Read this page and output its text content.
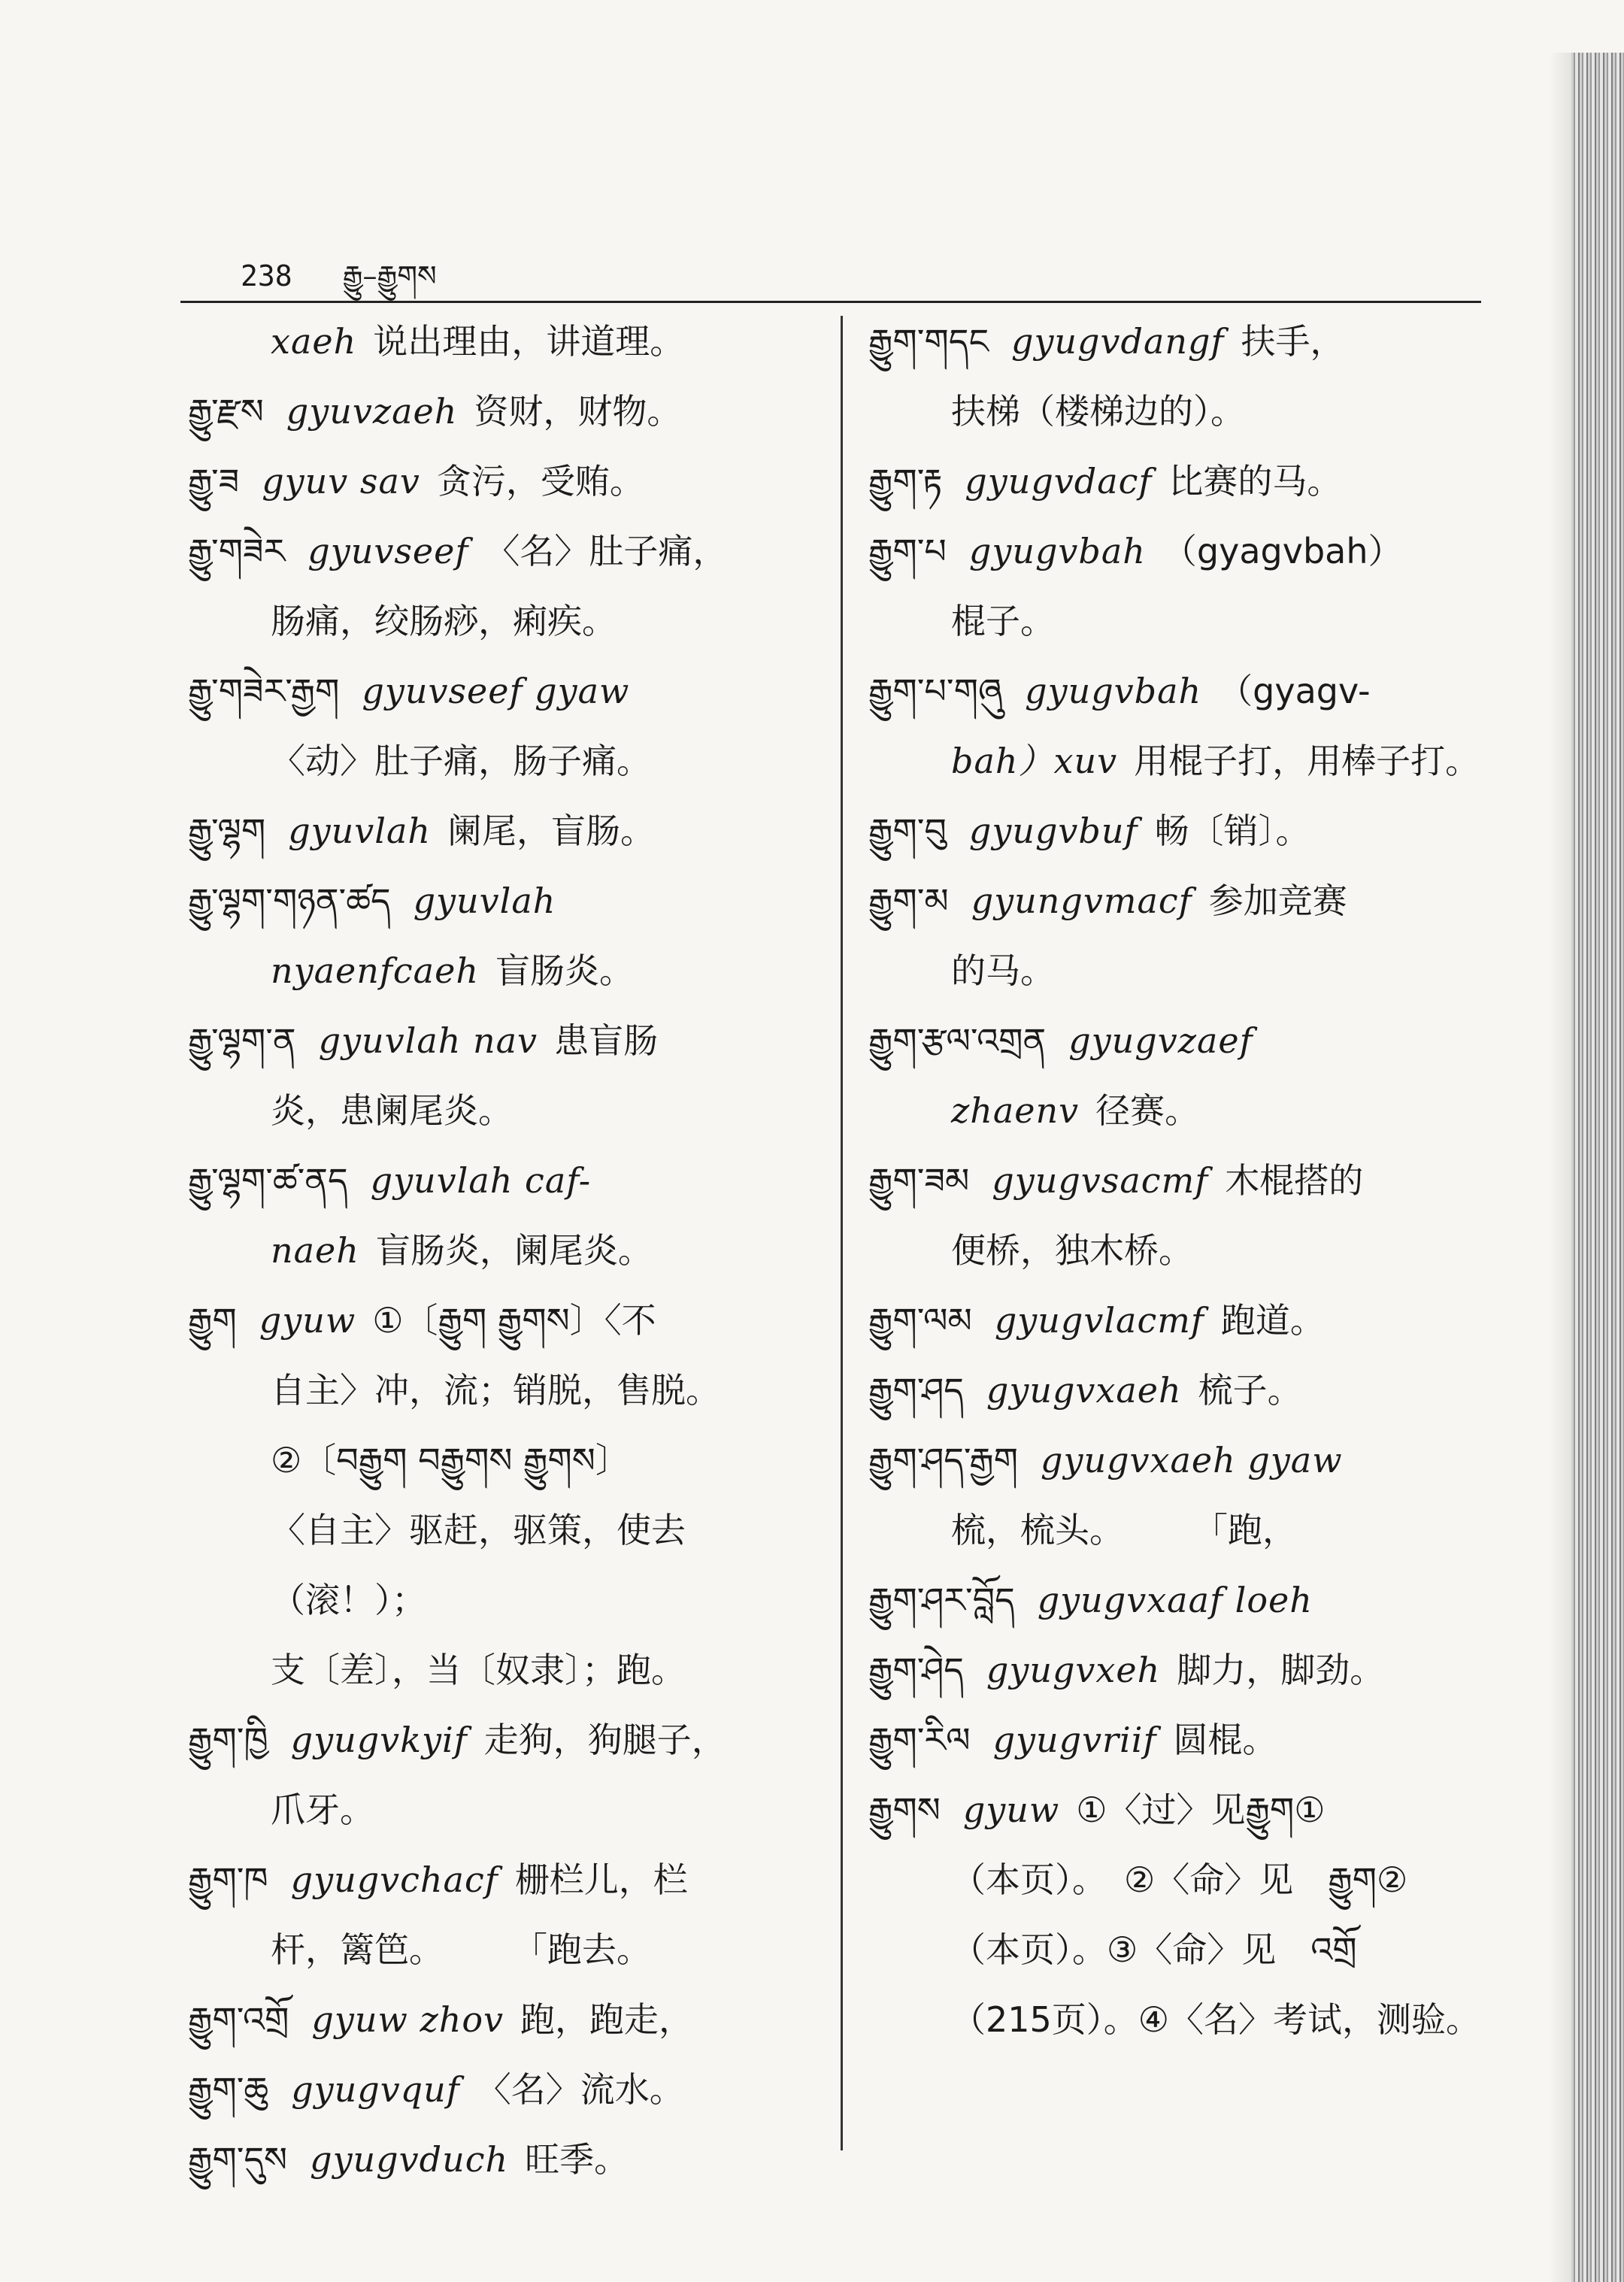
238 རྒྱུ–རྒྱུགས

xaeh 说出理由，讲道理。

རྒྱུ་རྫས gyuvzaeh 资财，财物。

རྒྱུ་ཟ gyuv sav 贪污，受贿。

རྒྱུ་གཟེར gyuvseef 〈名〉肚子痛，

肠痛，绞肠痧，痢疾。

རྒྱུ་གཟེར་རྒྱག gyuvseef gyaw

〈动〉肚子痛，肠子痛。

རྒྱུ་ལྷག gyuvlah 阑尾，盲肠。

རྒྱུ་ལྷག་གཉན་ཚད gyuvlah

nyaenfcaeh 盲肠炎。

རྒྱུ་ལྷག་ན gyuvlah nav 患盲肠

炎，患阑尾炎。

རྒྱུ་ལྷག་ཚ་ནད gyuvlah caf-

naeh 盲肠炎，阑尾炎。

རྒྱུག gyuw ①〔རྒྱུག རྒྱུགས〕〈不

自主〉冲，流；销脱，售脱。

②〔བརྒྱུག བརྒྱུགས རྒྱུགས〕

〈自主〉驱赶，驱策，使去（滚！）；

支〔差〕，当〔奴隶〕；跑。

རྒྱུག་ཁྱི gyugvkyif 走狗，狗腿子，

爪牙。

རྒྱུག་ཁ gyugvchacf 栅栏儿，栏

杆，篱笆。　　　「跑去。

རྒྱུག་འགྲོ gyuw zhov 跑，跑走，

རྒྱུག་ཆུ gyugvquf 〈名〉流水。

རྒྱུག་དུས gyugvduch 旺季。

རྒྱུག་གདང gyugvdangf 扶手，

扶梯（楼梯边的）。

རྒྱུག་རྟ gyugvdacf 比赛的马。

རྒྱུག་པ gyugvbah （gyagvbah）

棍子。

རྒྱུག་པ་གཞུ gyugvbah （gyagv-

bah）xuv 用棍子打，用棒子打。

རྒྱུག་བུ gyugvbuf 畅〔销〕。

རྒྱུག་མ gyungvmacf 参加竞赛

的马。

རྒྱུག་རྩལ་འགྲན gyugvzaef

zhaenv 径赛。

རྒྱུག་ཟམ gyugvsacmf 木棍搭的

便桥，独木桥。

རྒྱུག་ལམ gyugvlacmf 跑道。

རྒྱུག་ཤད gyugvxaeh 梳子。

རྒྱུག་ཤད་རྒྱག gyugvxaeh gyaw

梳，梳头。　　　「跑，

རྒྱུག་ཤར་བློད gyugvxaaf loeh

རྒྱུག་ཤེད gyugvxeh 脚力，脚劲。

རྒྱུག་རིལ gyugvriif 圆棍。

རྒྱུགས gyuw ①〈过〉见རྒྱུག①

（本页）。　②〈命〉见　རྒྱུག②

（本页）。③〈命〉见　འགྲོ

（215页）。④〈名〉考试，测验。
